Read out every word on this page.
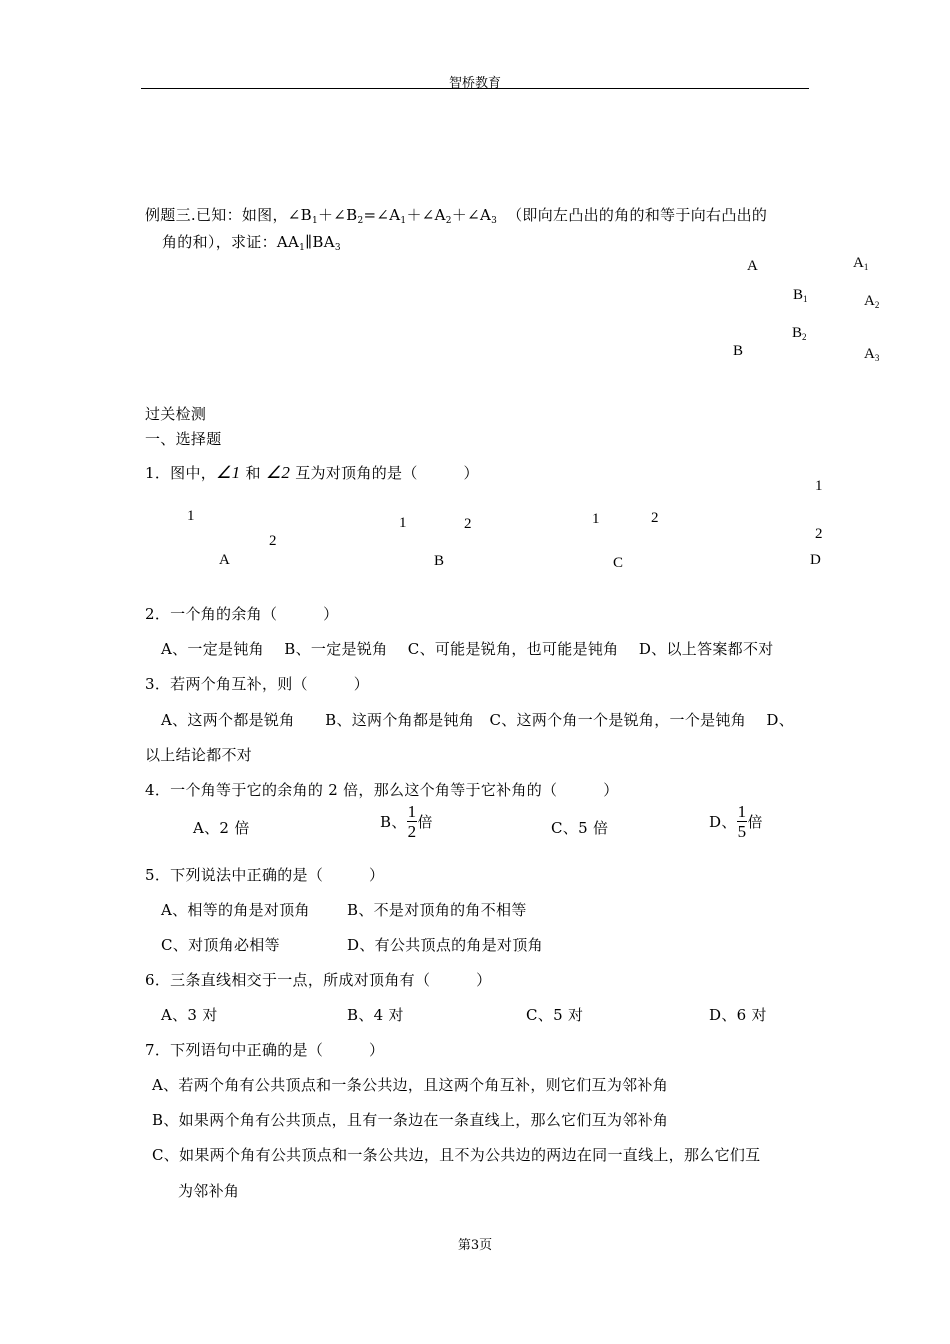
智桥教育
例题三.已知：如图，$\angle B_1+\angle B_2=\angle A_1+\angle A_2+\angle A_3$ （即向左凸出的角的和等于向右凸出的
角的和），求证：$AA_1\parallel BA_3$
A	$A_1$
$B_1$	$A_2$
$B_2$
B	$A_3$
过关检测
一、选择题
1．图中，∠1 和 ∠2 互为对顶角的是（　　　）
1
2
A
1	2
B
1	2
C
1
2
D
2．一个角的余角（　　　）
A、一定是钝角　 B、一定是锐角　 C、可能是锐角，也可能是钝角　 D、以上答案都不对
3．若两个角互补，则（　　　）
A、这两个都是锐角　　B、这两个角都是钝角　C、这两个角一个是锐角，一个是钝角　 D、
以上结论都不对
4．一个角等于它的余角的 2 倍，那么这个角等于它补角的（　　　）
A、2 倍	B、 $\frac{1}{2}$ 倍	C、5 倍	D、 $\frac{1}{5}$ 倍
5．下列说法中正确的是（　　　）
A、相等的角是对顶角 B、不是对顶角的角不相等
C、对顶角必相等	D、有公共顶点的角是对顶角
6．三条直线相交于一点，所成对顶角有（　　　）
A、3 对	B、4 对	C、5 对	D、6 对
7．下列语句中正确的是（　　　）
A、若两个角有公共顶点和一条公共边，且这两个角互补，则它们互为邻补角
B、如果两个角有公共顶点，且有一条边在一条直线上，那么它们互为邻补角
C、如果两个角有公共顶点和一条公共边，且不为公共边的两边在同一直线上，那么它们互
为邻补角
第3页
